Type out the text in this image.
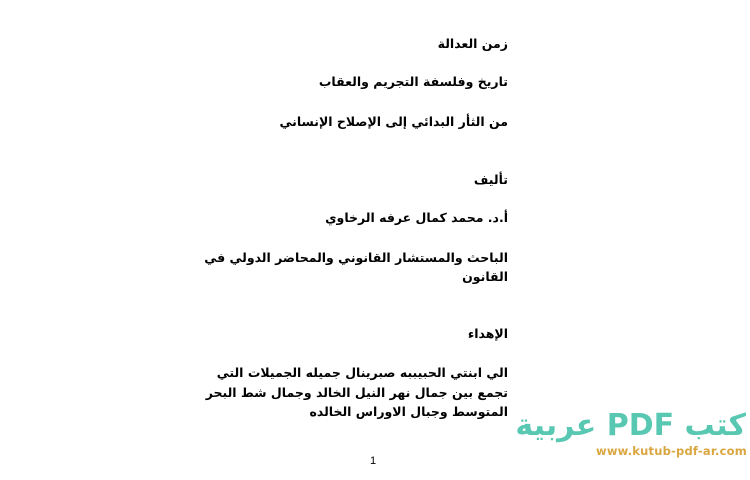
زمن العدالة
تاريخ وفلسفة التجريم والعقاب
من الثأر البدائي إلى الإصلاح الإنساني
تأليف
أ.د. محمد كمال عرفه الرخاوي
الباحث والمستشار القانوني والمحاضر الدولي في
القانون
الإهداء
الي ابنتي الحبيببه صبرينال جميله الجميلات التي
تجمع بين جمال نهر النيل الخالد وجمال شط البحر
المتوسط وجبال الاوراس الخالده
1
كتب PDF عربية
www.kutub-pdf-ar.com
